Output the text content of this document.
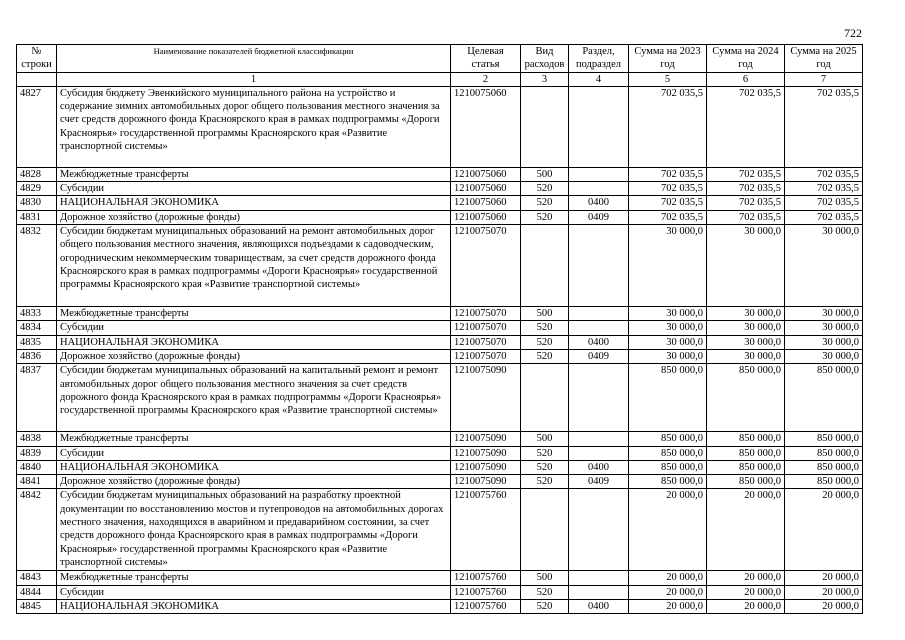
722
№ строки	Наименование показателей бюджетной классификации	Целевая статья	Вид расходов	Раздел, подраздел	Сумма на 2023 год	Сумма на 2024 год	Сумма на 2025 год
	1	2	3	4	5	6	7
4827	Субсидия бюджету Эвенкийского муниципального района на устройство и содержание зимних автомобильных дорог общего пользования местного значения за счет средств дорожного фонда Красноярского края в рамках подпрограммы «Дороги Красноярья» государственной программы Красноярского края «Развитие транспортной системы»	1210075060			702 035,5	702 035,5	702 035,5
4828	Межбюджетные трансферты	1210075060	500		702 035,5	702 035,5	702 035,5
4829	Субсидии	1210075060	520		702 035,5	702 035,5	702 035,5
4830	НАЦИОНАЛЬНАЯ ЭКОНОМИКА	1210075060	520	0400	702 035,5	702 035,5	702 035,5
4831	Дорожное хозяйство (дорожные фонды)	1210075060	520	0409	702 035,5	702 035,5	702 035,5
4832	Субсидии бюджетам муниципальных образований на ремонт автомобильных дорог общего пользования местного значения, являющихся подъездами к садоводческим, огородническим некоммерческим товариществам, за счет средств дорожного фонда Красноярского края в рамках подпрограммы «Дороги Красноярья» государственной программы Красноярского края «Развитие транспортной системы»	1210075070			30 000,0	30 000,0	30 000,0
4833	Межбюджетные трансферты	1210075070	500		30 000,0	30 000,0	30 000,0
4834	Субсидии	1210075070	520		30 000,0	30 000,0	30 000,0
4835	НАЦИОНАЛЬНАЯ ЭКОНОМИКА	1210075070	520	0400	30 000,0	30 000,0	30 000,0
4836	Дорожное хозяйство (дорожные фонды)	1210075070	520	0409	30 000,0	30 000,0	30 000,0
4837	Субсидии бюджетам муниципальных образований на капитальный ремонт и ремонт автомобильных дорог общего пользования местного значения за счет средств дорожного фонда Красноярского края в рамках подпрограммы «Дороги Красноярья» государственной программы Красноярского края «Развитие транспортной системы»	1210075090			850 000,0	850 000,0	850 000,0
4838	Межбюджетные трансферты	1210075090	500		850 000,0	850 000,0	850 000,0
4839	Субсидии	1210075090	520		850 000,0	850 000,0	850 000,0
4840	НАЦИОНАЛЬНАЯ ЭКОНОМИКА	1210075090	520	0400	850 000,0	850 000,0	850 000,0
4841	Дорожное хозяйство (дорожные фонды)	1210075090	520	0409	850 000,0	850 000,0	850 000,0
4842	Субсидии бюджетам муниципальных образований на разработку проектной документации по восстановлению мостов и путепроводов на автомобильных дорогах местного значения, находящихся в аварийном и предаварийном состоянии, за счет средств дорожного фонда Красноярского края в рамках подпрограммы «Дороги Красноярья» государственной программы Красноярского края «Развитие транспортной системы»	1210075760			20 000,0	20 000,0	20 000,0
4843	Межбюджетные трансферты	1210075760	500		20 000,0	20 000,0	20 000,0
4844	Субсидии	1210075760	520		20 000,0	20 000,0	20 000,0
4845	НАЦИОНАЛЬНАЯ ЭКОНОМИКА	1210075760	520	0400	20 000,0	20 000,0	20 000,0
